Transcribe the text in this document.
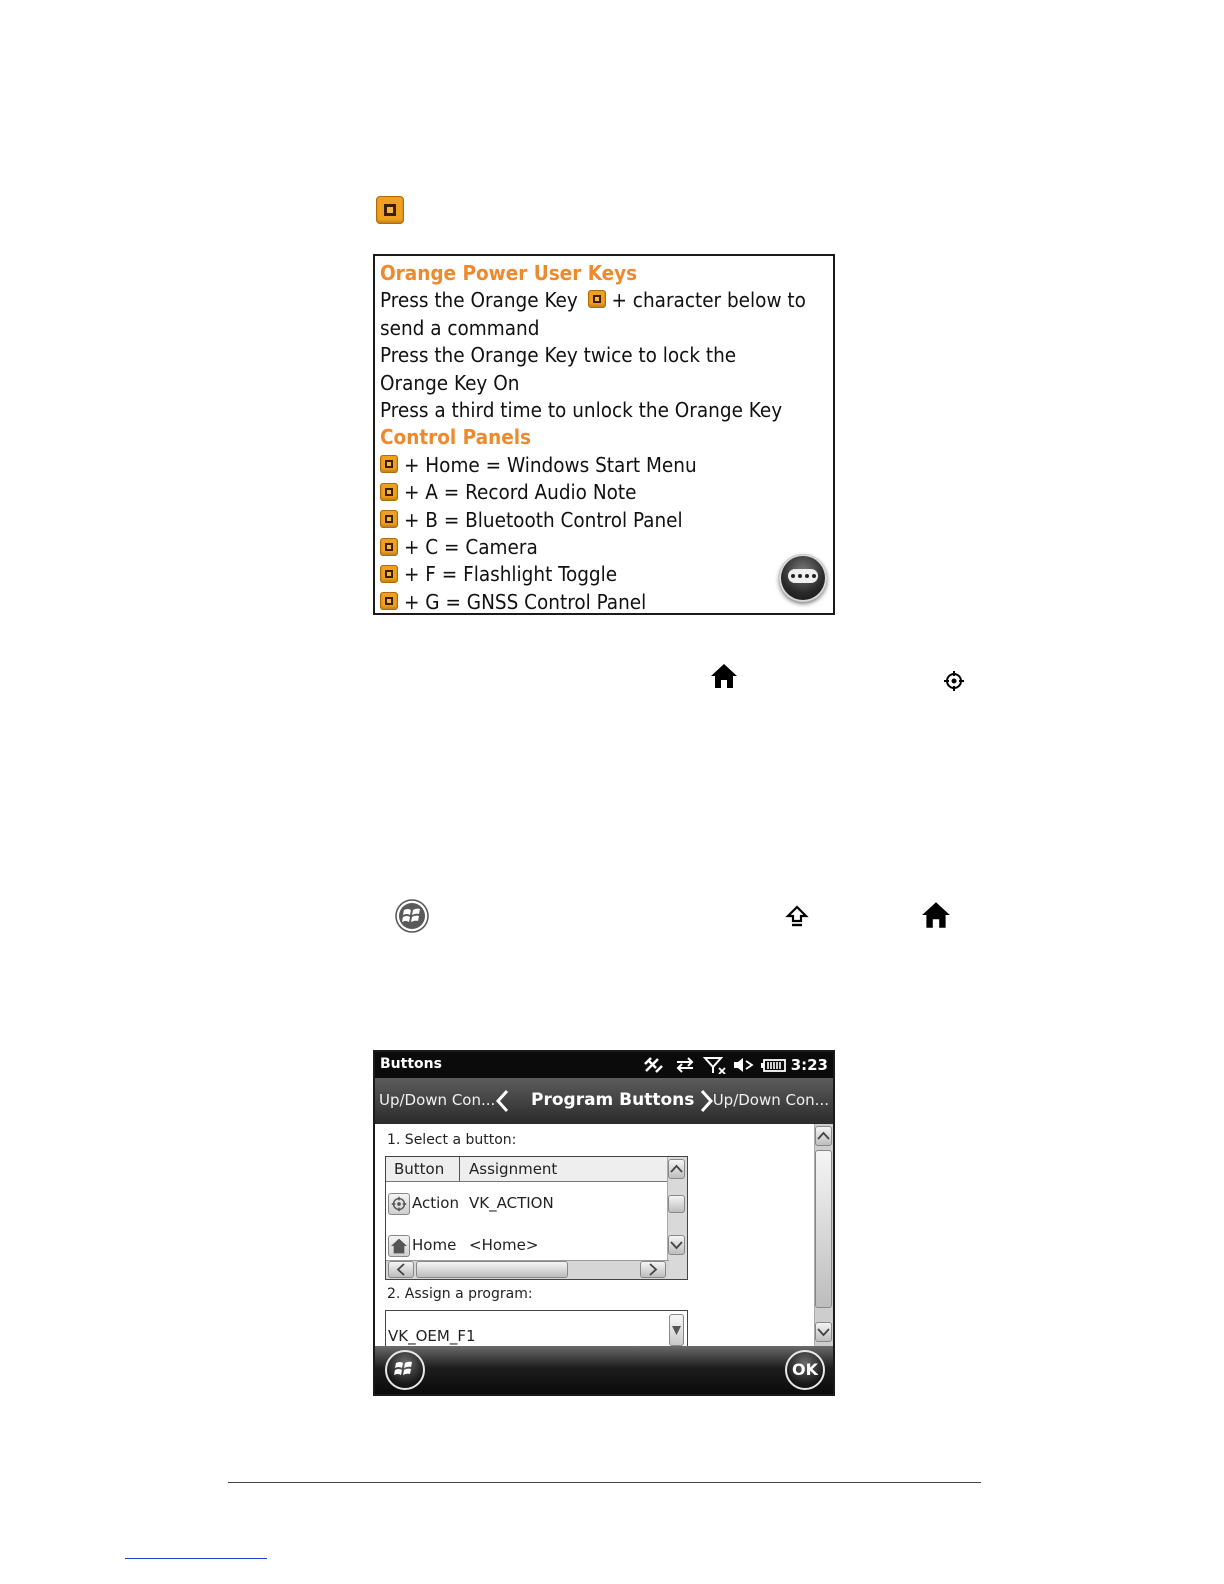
Orange Power User Keys
Press the Orange Key + character below to
send a command
Press the Orange Key twice to lock the
Orange Key On
Press a third time to unlock the Orange Key
Control Panels
+ Home = Windows Start Menu
+ A = Record Audio Note
+ B = Bluetooth Control Panel
+ C = Camera
+ F = Flashlight Toggle
+ G = GNSS Control Panel
Buttons	3:23
Up/Down Con... Program Buttons Up/Down Con...
1. Select a button:
Button Assignment
Action VK_ACTION
Home <Home>
2. Assign a program:
VK_OEM_F1
OK
